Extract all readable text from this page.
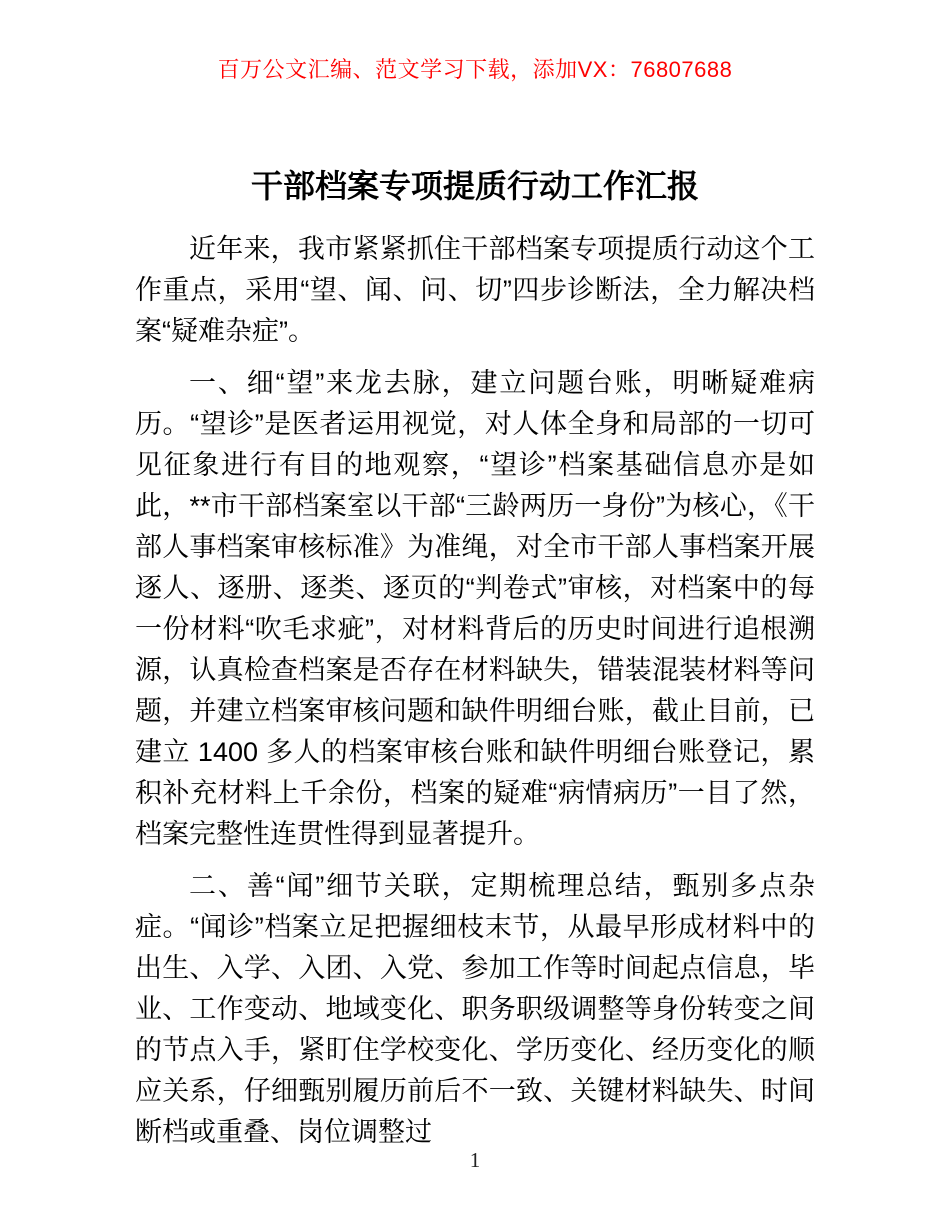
百万公文汇编、范文学习下载，添加VX：76807688
干部档案专项提质行动工作汇报

近年来，我市紧紧抓住干部档案专项提质行动这个工作重点，采用“望、闻、问、切”四步诊断法，全力解决档案“疑难杂症”。

一、细“望”来龙去脉，建立问题台账，明晰疑难病历。“望诊”是医者运用视觉，对人体全身和局部的一切可见征象进行有目的地观察，“望诊”档案基础信息亦是如此，**市干部档案室以干部“三龄两历一身份”为核心，《干部人事档案审核标准》为准绳，对全市干部人事档案开展逐人、逐册、逐类、逐页的“判卷式”审核，对档案中的每一份材料“吹毛求疵”，对材料背后的历史时间进行追根溯源，认真检查档案是否存在材料缺失，错装混装材料等问题，并建立档案审核问题和缺件明细台账，截止目前，已建立 1400 多人的档案审核台账和缺件明细台账登记，累积补充材料上千余份，档案的疑难“病情病历”一目了然，档案完整性连贯性得到显著提升。

二、善“闻”细节关联，定期梳理总结，甄别多点杂症。“闻诊”档案立足把握细枝末节，从最早形成材料中的出生、入学、入团、入党、参加工作等时间起点信息，毕业、工作变动、地域变化、职务职级调整等身份转变之间的节点入手，紧盯住学校变化、学历变化、经历变化的顺应关系，仔细甄别履历前后不一致、关键材料缺失、时间断档或重叠、岗位调整过

1
